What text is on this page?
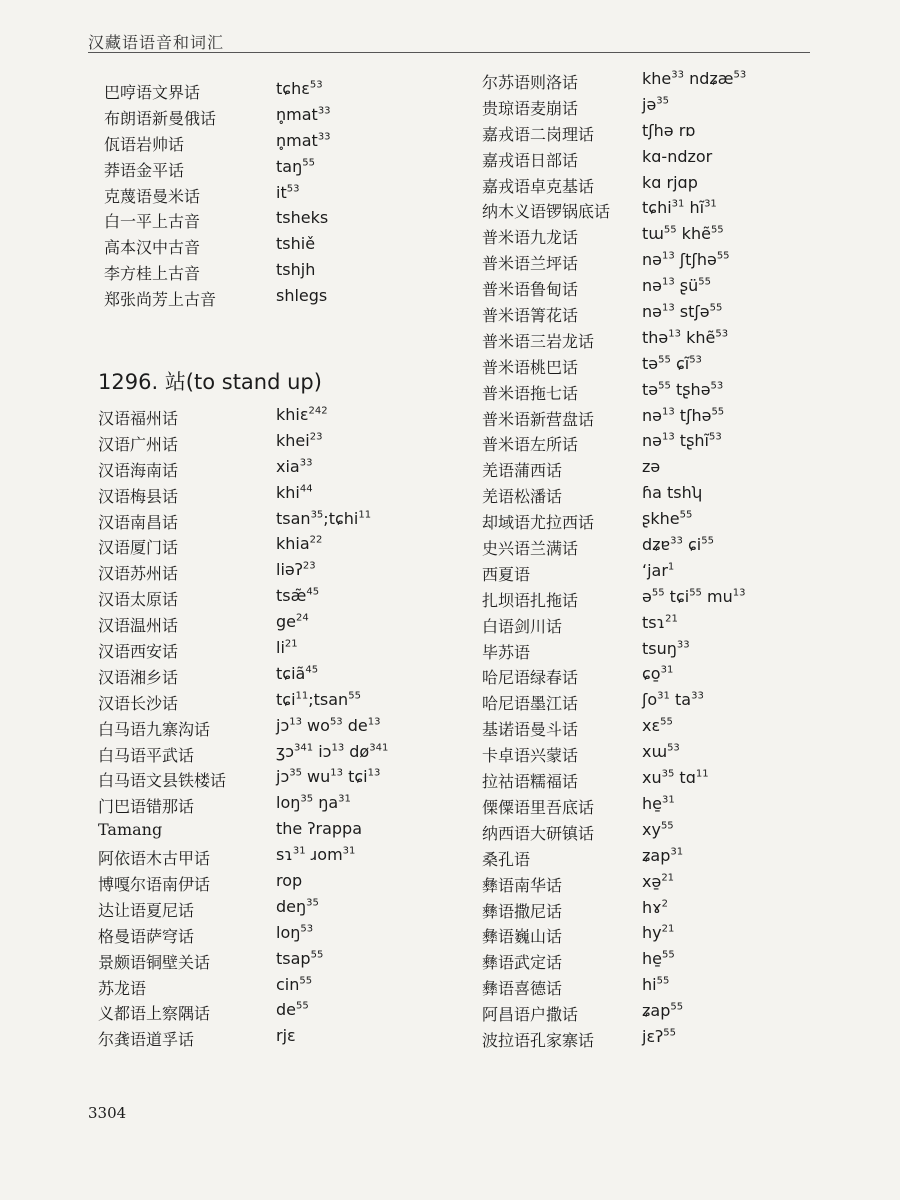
汉藏语语音和词汇
巴哼语文界话	tɕhɛ$^{53}$
布朗语新曼俄话	n̥mat$^{33}$
佤语岩帅话	n̥mat$^{33}$
莽语金平话	taŋ$^{55}$
克蔑语曼米话	$it^{53}$
白一平上古音	tsheks
高本汉中古音	tshiě
李方桂上古音	tshjh
郑张尚芳上古音	shlegs
1296. 站(to stand up)
汉语福州话	khiɛ$^{242}$
汉语广州话	khei$^{23}$
汉语海南话	xia$^{33}$
汉语梅县话	khi$^{44}$
汉语南昌话	tsan$^{35}$;tɕhi$^{11}$
汉语厦门话	khia$^{22}$
汉语苏州话	liəʔ$^{23}$
汉语太原话	tsæ̃$^{45}$
汉语温州话	$ge^{24}$
汉语西安话	$li^{21}$
汉语湘乡话	tɕiã$^{45}$
汉语长沙话	tɕi$^{11}$;tsan$^{55}$
白马语九寨沟话	jɔ$^{13}$ $wo^{53}$ $de^{13}$
白马语平武话	ʒɔ$^{341}$ iɔ$^{13}$ $dø^{341}$
白马语文县铁楼话	jɔ$^{35}$ $wu^{13}$ tɕi$^{13}$
门巴语错那话	loŋ$^{35}$ $ŋa^{31}$
Tamang	the ʔrappa
阿依语木古甲话	sɿ$^{31}$ ɹom$^{31}$
博嘎尔语南伊话	rop
达让语夏尼话	deŋ$^{35}$
格曼语萨穹话	loŋ$^{53}$
景颇语铜壁关话	tsap$^{55}$
苏龙语	cin$^{55}$
义都语上察隅话	$de^{55}$
尔龚语道孚话	rjɛ
尔苏语则洛话	khe$^{33}$ ndʑæ$^{53}$
贵琼语麦崩话	jə$^{35}$
嘉戎语二岗理话	tʃhə rɒ
嘉戎语日部话	kɑ-ndzor
嘉戎语卓克基话	kɑ rjɑp
纳木义语锣锅底话 tɕhi$^{31}$ $hĩ^{31}$
普米语九龙话	tɯ$^{55}$ khẽ$^{55}$
普米语兰坪话	nə$^{13}$ ʃtʃhə$^{55}$
普米语鲁甸话	nə$^{13}$ ʂü$^{55}$
普米语箐花话	nə$^{13}$ stʃə$^{55}$
普米语三岩龙话	thə$^{13}$ khẽ$^{53}$
普米语桃巴话	tə$^{55}$ ɕĩ$^{53}$
普米语拖七话	tə$^{55}$ tʂhə$^{53}$
普米语新营盘话	nə$^{13}$ tʃhə$^{55}$
普米语左所话	nə$^{13}$ tʂhĩ$^{53}$
羌语蒲西话	zə
羌语松潘话	ɦa tshʮ
却域语尤拉西话	ʂkhe$^{55}$
史兴语兰满话	dʑɐ$^{33}$ ɕi$^{55}$
西夏语	ʻjar$^1$
扎坝语扎拖话	ə$^{55}$ tɕi$^{55}$ $mu^{13}$
白语剑川话	tsɿ$^{21}$
毕苏语	tsuŋ$^{33}$
哈尼语绿春话	ɕo̱$^{31}$
哈尼语墨江话	ʃo$^{31}$ $ta^{33}$
基诺语曼斗话	xɛ$^{55}$
卡卓语兴蒙话	xɯ$^{53}$
拉祜语糯福话	$xu^{35}$ tɑ$^{11}$
傈僳语里吾底话	he̱$^{31}$
纳西语大研镇话	$xy^{55}$
桑孔语	ʑap$^{31}$
彝语南华话	xə̱$^{21}$
彝语撒尼话	hɤ$^2$
彝语巍山话	$hy^{21}$
彝语武定话	he̱$^{55}$
彝语喜德话	$hi^{55}$
阿昌语户撒话	ʑap$^{55}$
波拉语孔家寨话	jɛʔ$^{55}$
3304
